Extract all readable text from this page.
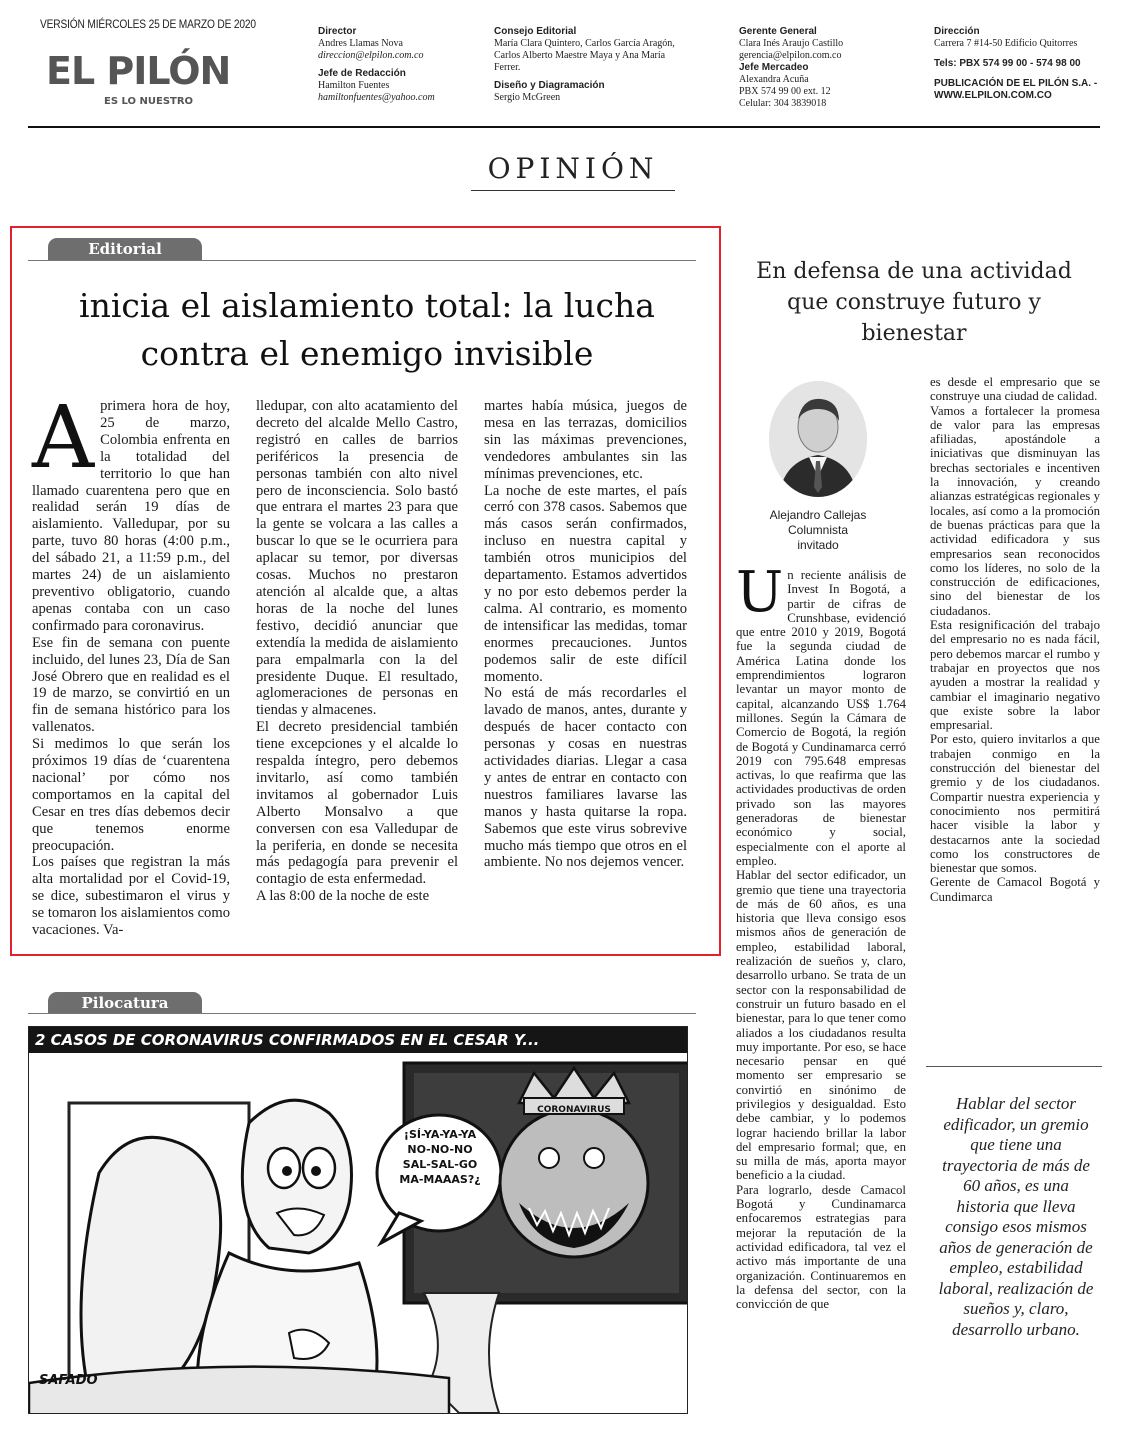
VERSIÓN MIÉRCOLES 25 DE MARZO DE 2020
EL PILÓN
ES LO NUESTRO
Director
Andres Llamas Nova
direccion@elpilon.com.co

Jefe de Redacción
Hamilton Fuentes
hamiltonfuentes@yahoo.com
Consejo Editorial
María Clara Quintero, Carlos García Aragón,
Carlos Alberto Maestre Maya y Ana María
Ferrer.

Diseño y Diagramación
Sergio McGreen
Gerente General
Clara Inés Araujo Castillo
gerencia@elpilon.com.co
Jefe Mercadeo
Alexandra Acuña
PBX 574 99 00 ext. 12
Celular: 304 3839018
Dirección
Carrera 7 #14-50 Edificio Quitorres

Tels: PBX 574 99 00 - 574 98 00

PUBLICACIÓN DE EL PILÓN S.A. -
WWW.ELPILON.COM.CO
OPINIÓN
Editorial
inicia el aislamiento total: la lucha contra el enemigo invisible
A primera hora de hoy, 25 de marzo, Colombia enfrenta en la totalidad del territorio lo que han llamado cuarentena pero que en realidad serán 19 días de aislamiento. Valledupar, por su parte, tuvo 80 horas (4:00 p.m., del sábado 21, a 11:59 p.m., del martes 24) de un aislamiento preventivo obligatorio, cuando apenas contaba con un caso confirmado para coronavirus.

Ese fin de semana con puente incluido, del lunes 23, Día de San José Obrero que en realidad es el 19 de marzo, se convirtió en un fin de semana histórico para los vallenatos.

Si medimos lo que serán los próximos 19 días de ‘cuarentena nacional’ por cómo nos comportamos en la capital del Cesar en tres días debemos decir que tenemos enorme preocupación.

Los países que registran la más alta mortalidad por el Covid-19, se dice, subestimaron el virus y se tomaron los aislamientos como vacaciones. Va-

lledupar, con alto acatamiento del decreto del alcalde Mello Castro, registró en calles de barrios periféricos la presencia de personas también con alto nivel pero de inconsciencia. Solo bastó que entrara el martes 23 para que la gente se volcara a las calles a buscar lo que se le ocurriera para aplacar su temor, por diversas cosas. Muchos no prestaron atención al alcalde que, a altas horas de la noche del lunes festivo, decidió anunciar que extendía la medida de aislamiento para empalmarla con la del presidente Duque. El resultado, aglomeraciones de personas en tiendas y almacenes.

El decreto presidencial también tiene excepciones y el alcalde lo respalda íntegro, pero debemos invitarlo, así como también invitamos al gobernador Luis Alberto Monsalvo a que conversen con esa Valledupar de la periferia, en donde se necesita más pedagogía para prevenir el contagio de esta enfermedad.

A las 8:00 de la noche de este

martes había música, juegos de mesa en las terrazas, domicilios sin las máximas prevenciones, vendedores ambulantes sin las mínimas prevenciones, etc.

La noche de este martes, el país cerró con 378 casos. Sabemos que más casos serán confirmados, incluso en nuestra capital y también otros municipios del departamento. Estamos advertidos y no por esto debemos perder la calma. Al contrario, es momento de intensificar las medidas, tomar enormes precauciones. Juntos podemos salir de este difícil momento.

No está de más recordarles el lavado de manos, antes, durante y después de hacer contacto con personas y cosas en nuestras actividades diarias. Llegar a casa y antes de entrar en contacto con nuestros familiares lavarse las manos y hasta quitarse la ropa. Sabemos que este virus sobrevive mucho más tiempo que otros en el ambiente. No nos dejemos vencer.

Pilocatura
2 CASOS DE CORONAVIRUS CONFIRMADOS EN EL CESAR Y...
¡SÍ-YA-YA-YA
NO-NO-NO
SAL-SAL-GO
MA-MAAAS?¿
CORONAVIRUS
SAFADO
En defensa de una actividad que construye futuro y bienestar
Alejandro Callejas
Columnista
invitado
U n reciente análisis de Invest In Bogotá, a partir de cifras de Crunshbase, evidenció que entre 2010 y 2019, Bogotá fue la segunda ciudad de América Latina donde los emprendimientos lograron levantar un mayor monto de capital, alcanzando US$ 1.764 millones. Según la Cámara de Comercio de Bogotá, la región de Bogotá y Cundinamarca cerró 2019 con 795.648 empresas activas, lo que reafirma que las actividades productivas de orden privado son las mayores generadoras de bienestar económico y social, especialmente con el aporte al empleo.

Hablar del sector edificador, un gremio que tiene una trayectoria de más de 60 años, es una historia que lleva consigo esos mismos años de generación de empleo, estabilidad laboral, realización de sueños y, claro, desarrollo urbano. Se trata de un sector con la responsabilidad de construir un futuro basado en el bienestar, para lo que tener como aliados a los ciudadanos resulta muy importante. Por eso, se hace necesario pensar en qué momento ser empresario se convirtió en sinónimo de privilegios y desigualdad. Esto debe cambiar, y lo podemos lograr haciendo brillar la labor del empresario formal; que, en su milla de más, aporta mayor beneficio a la ciudad.

Para lograrlo, desde Camacol Bogotá y Cundinamarca enfocaremos estrategias para mejorar la reputación de la actividad edificadora, tal vez el activo más importante de una organización. Continuaremos en la defensa del sector, con la convicción de que

es desde el empresario que se construye una ciudad de calidad.

Vamos a fortalecer la promesa de valor para las empresas afiliadas, apostándole a iniciativas que disminuyan las brechas sectoriales e incentiven la innovación, y creando alianzas estratégicas regionales y locales, así como a la promoción de buenas prácticas para que la actividad edificadora y sus empresarios sean reconocidos como los líderes, no solo de la construcción de edificaciones, sino del bienestar de los ciudadanos.

Esta resignificación del trabajo del empresario no es nada fácil, pero debemos marcar el rumbo y trabajar en proyectos que nos ayuden a mostrar la realidad y cambiar el imaginario negativo que existe sobre la labor empresarial.

Por esto, quiero invitarlos a que trabajen conmigo en la construcción del bienestar del gremio y de los ciudadanos. Compartir nuestra experiencia y conocimiento nos permitirá hacer visible la labor y destacarnos ante la sociedad como los constructores de bienestar que somos.

Gerente de Camacol Bogotá y Cundimarca

Hablar del sector edificador, un gremio que tiene una trayectoria de más de 60 años, es una historia que lleva consigo esos mismos años de generación de empleo, estabilidad laboral, realización de sueños y, claro, desarrollo urbano.
